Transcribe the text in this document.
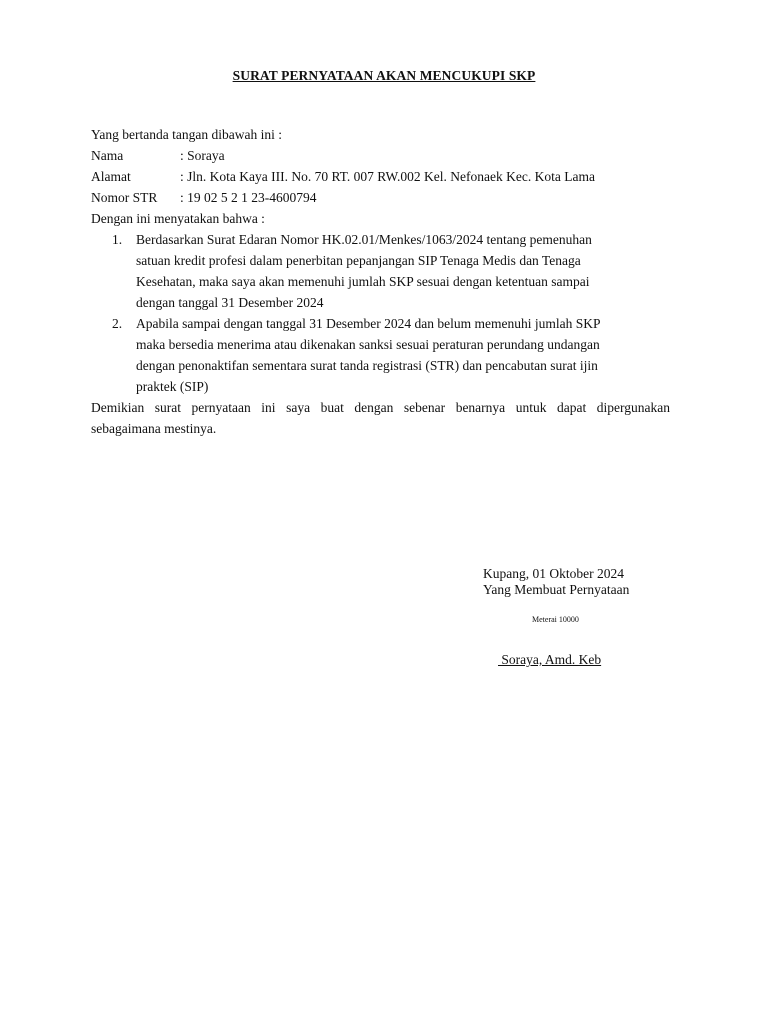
SURAT PERNYATAAN AKAN MENCUKUPI SKP
Yang bertanda tangan dibawah ini :
Nama	: Soraya
Alamat	: Jln. Kota Kaya III. No. 70 RT. 007 RW.002 Kel. Nefonaek Kec. Kota Lama
Nomor STR	: 19 02 5 2 1 23-4600794
Dengan ini menyatakan bahwa :
1. Berdasarkan Surat Edaran Nomor HK.02.01/Menkes/1063/2024 tentang pemenuhan
satuan kredit profesi dalam penerbitan pepanjangan SIP Tenaga Medis dan Tenaga
Kesehatan, maka saya akan memenuhi jumlah SKP sesuai dengan ketentuan sampai
dengan tanggal 31 Desember 2024
2. Apabila sampai dengan tanggal 31 Desember 2024 dan belum memenuhi jumlah SKP
maka bersedia menerima atau dikenakan sanksi sesuai peraturan perundang undangan
dengan penonaktifan sementara surat tanda registrasi (STR) dan pencabutan surat ijin
praktek (SIP)
Demikian surat pernyataan ini saya buat dengan sebenar benarnya untuk dapat dipergunakan
sebagaimana mestinya.
Kupang, 01 Oktober 2024
Yang Membuat Pernyataan
Meterai 10000
Soraya, Amd. Keb
